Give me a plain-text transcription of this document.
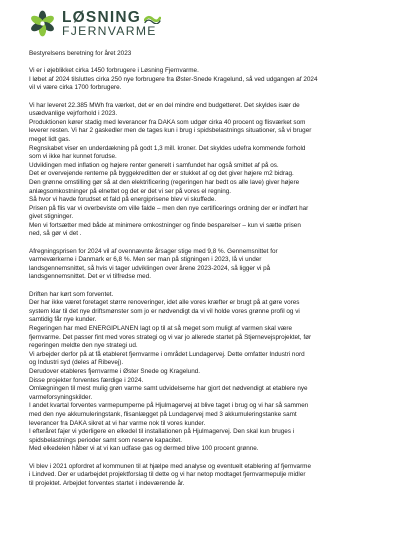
LØSNING
FJERNVARME

Bestyrelsens beretning for året 2023

Vi er i øjeblikket cirka 1450 forbrugere i Løsning Fjernvarme.

I løbet af 2024 tilsluttes cirka 250 nye forbrugere fra Øster-Snede Kragelund, så ved udgangen af 2024

vil vi være cirka 1700 forbrugere.

Vi har leveret 22.385 MWh fra værket, det er en del mindre end budgetteret. Det skyldes især de

usædvanlige vejrforhold i 2023.

Produktionen kører stadig med leverancer fra DAKA som udgør cirka 40 procent og flisværket som

leverer resten. Vi har 2 gaskedler men de tages kun i brug i spidsbelastnings situationer, så vi bruger

meget lidt gas.

Regnskabet viser en underdækning på godt 1,3 mill. kroner. Det skyldes udefra kommende forhold

som vi ikke har kunnet forudse.

Udviklingen med inflation og højere renter generelt i samfundet har også smittet af på os.

Det er overvejende renterne på byggekreditten der er stukket af og det giver højere m2 bidrag.

Den grønne omstilling gør så at den elektrificering (regeringen har bedt os alle lave) giver højere

anlægsomkostninger på elnettet og det er det vi ser på vores el regning.

Så hvor vi havde forudset et fald på energiprisene blev vi skuffede.

Prisen på flis var vi overbeviste om ville falde – men den nye certificerings ordning der er indført har

givet stigninger.

Men vi fortsætter med både at minimere omkostninger og finde besparelser – kun vi sætte prisen

ned, så gør vi det .

Afregningsprisen for 2024 vil af ovennævnte årsager stige med 9,8 %. Gennemsnittet for

varmeværkerne i Danmark er 6,8 %. Men ser man på stigningen i 2023, lå vi under

landsgennemsnittet, så hvis vi tager udviklingen over årene 2023-2024, så ligger vi på

landsgennemsnittet. Det er vi tilfredse med.

Driften har kørt som forventet.

Der har ikke været foretaget større renoveringer, idet alle vores kræfter er brugt på at gøre vores

system klar til det nye driftsmønster som jo er nødvendigt da vi vil holde vores grønne profil og vi

samtidig får nye kunder.

Regeringen har med ENERGIPLANEN lagt op til at så meget som muligt af varmen skal være

fjernvarme. Det passer fint med vores strategi og vi var jo allerede startet på Stjernevejsprojektet, før

regeringen meldte den nye strategi ud.

Vi arbejder derfor på at få etableret fjernvarme i området Lundagervej. Dette omfatter Industri nord

og Industri syd (deles af Ribevej).

Derudover etableres fjernvarme i Øster Snede og Kragelund.

Disse projekter forventes færdige i 2024.

Omlægningen til mest mulig grøn varme samt udvidelserne har gjort det nødvendigt at etablere nye

varmeforsyningskilder.

I andet kvartal forventes varmepumperne på Hjulmagervej at blive taget i brug og vi har så sammen

med den nye akkumuleringstank, flisanlægget på Lundagervej med 3 akkumuleringstanke samt

leverancer fra DAKA sikret at vi har varme nok til vores kunder.

I efteråret fajer vi yderligere en elkedel til installationen på Hjulmagervej. Den skal kun bruges i

spidsbelastnings perioder samt som reserve kapacitet.

Med elkedelen håber vi at vi kan udfase gas og dermed blive 100 procent grønne.

Vi blev i 2021 opfordret af kommunen til at hjælpe med analyse og eventuelt etablering af fjernvarme

i Lindved. Der er udarbejdet projektforslag til dette og vi har netop modtaget fjernvarmepulje midler

til projektet. Arbejdet forventes startet i indeværende år.
